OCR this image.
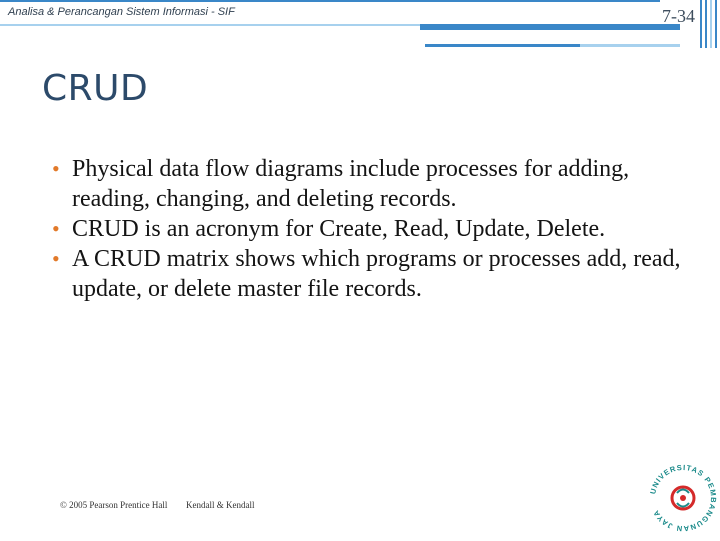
Analisa & Perancangan Sistem Informasi - SIF	7-34
CRUD
• Physical data flow diagrams include processes for adding, reading, changing, and deleting records.
• CRUD is an acronym for Create, Read, Update, Delete.
• A CRUD matrix shows which programs or processes add, read, update, or delete master file records.
© 2005 Pearson Prentice Hall Kendall & Kendall
UNIVERSITAS PEMBANGUNAN JAYA
